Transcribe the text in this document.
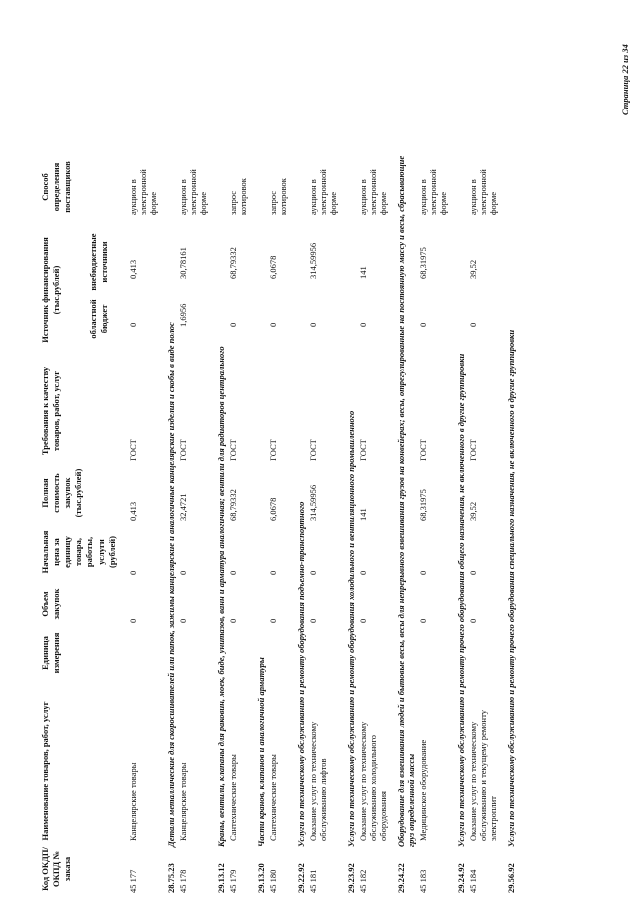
Код ОКДП/ ОКПД № заказа
Наименование товаров, работ, услуг
Единица измерения
Объем закупок
Начальная цена за единицу товара, работы, услуги (рублей)
Полная стоимость закупок (тыс.рублей)
Требования к качеству товаров, работ, услуг
Источник финансирования (тыс.рублей)
областной бюджет
внебюджетные источники
Способ определения поставщиков
45 177
Канцелярские товары
0
0
0,413
ГОСТ
0
0,413
аукцион в электронной форме
28.75.23
Детали металлические для скоросшивателей или папок, зажимы канцелярские и аналогичные канцелярские изделия и скобы в виде полос
45 178
Канцелярские товары
0
0
32,4721
ГОСТ
1,6956
30,78161
аукцион в электронной форме
29.13.12
Краны, вентили, клапаны для раковин, моек, биде, унитазов, ванн и арматура аналогичная; вентили для радиаторов центрального
45 179
Сантехнические товары
0
0
68,79332
ГОСТ
0
68,79332
запрос котировок
29.13.20
Части кранов, клапанов и аналогичной арматуры
45 180
Сантехнические товары
0
0
6,0678
ГОСТ
0
6,0678
запрос котировок
29.22.92
Услуги по техническому обслуживанию и ремонту оборудования подъемно-транспортного
45 181
Оказание услуг по техническому обслуживанию лифтов
0
0
314,59956
ГОСТ
0
314,59956
аукцион в электронной форме
29.23.92
Услуги по техническому обслуживанию и ремонту оборудования холодильного и вентиляционного промышленного
45 182
Оказание услуг по техническому обслуживанию холодильного оборудования
0
0
141
ГОСТ
0
141
аукцион в электронной форме
29.24.22
Оборудование для взвешивания людей и бытовые весы, весы для непрерывного взвешивания грузов на конвейерах; весы, отрегулированные на постоянную массу и весы, сбрасывающие груз определенной массы
45 183
Медицинское оборудование
0
0
68,31975
ГОСТ
0
68,31975
аукцион в электронной форме
29.24.92
Услуги по техническому обслуживанию и ремонту прочего оборудования общего назначения, не включенного в другие группировки
45 184
Оказание услуг по техническому обслуживанию и текущему ремонту электроплит
0
0
39,52
ГОСТ
0
39,52
аукцион в электронной форме
29.56.92
Услуги по техническому обслуживанию и ремонту прочего оборудования специального назначения, не включенного в другие группировки
Страница 22 из 34
